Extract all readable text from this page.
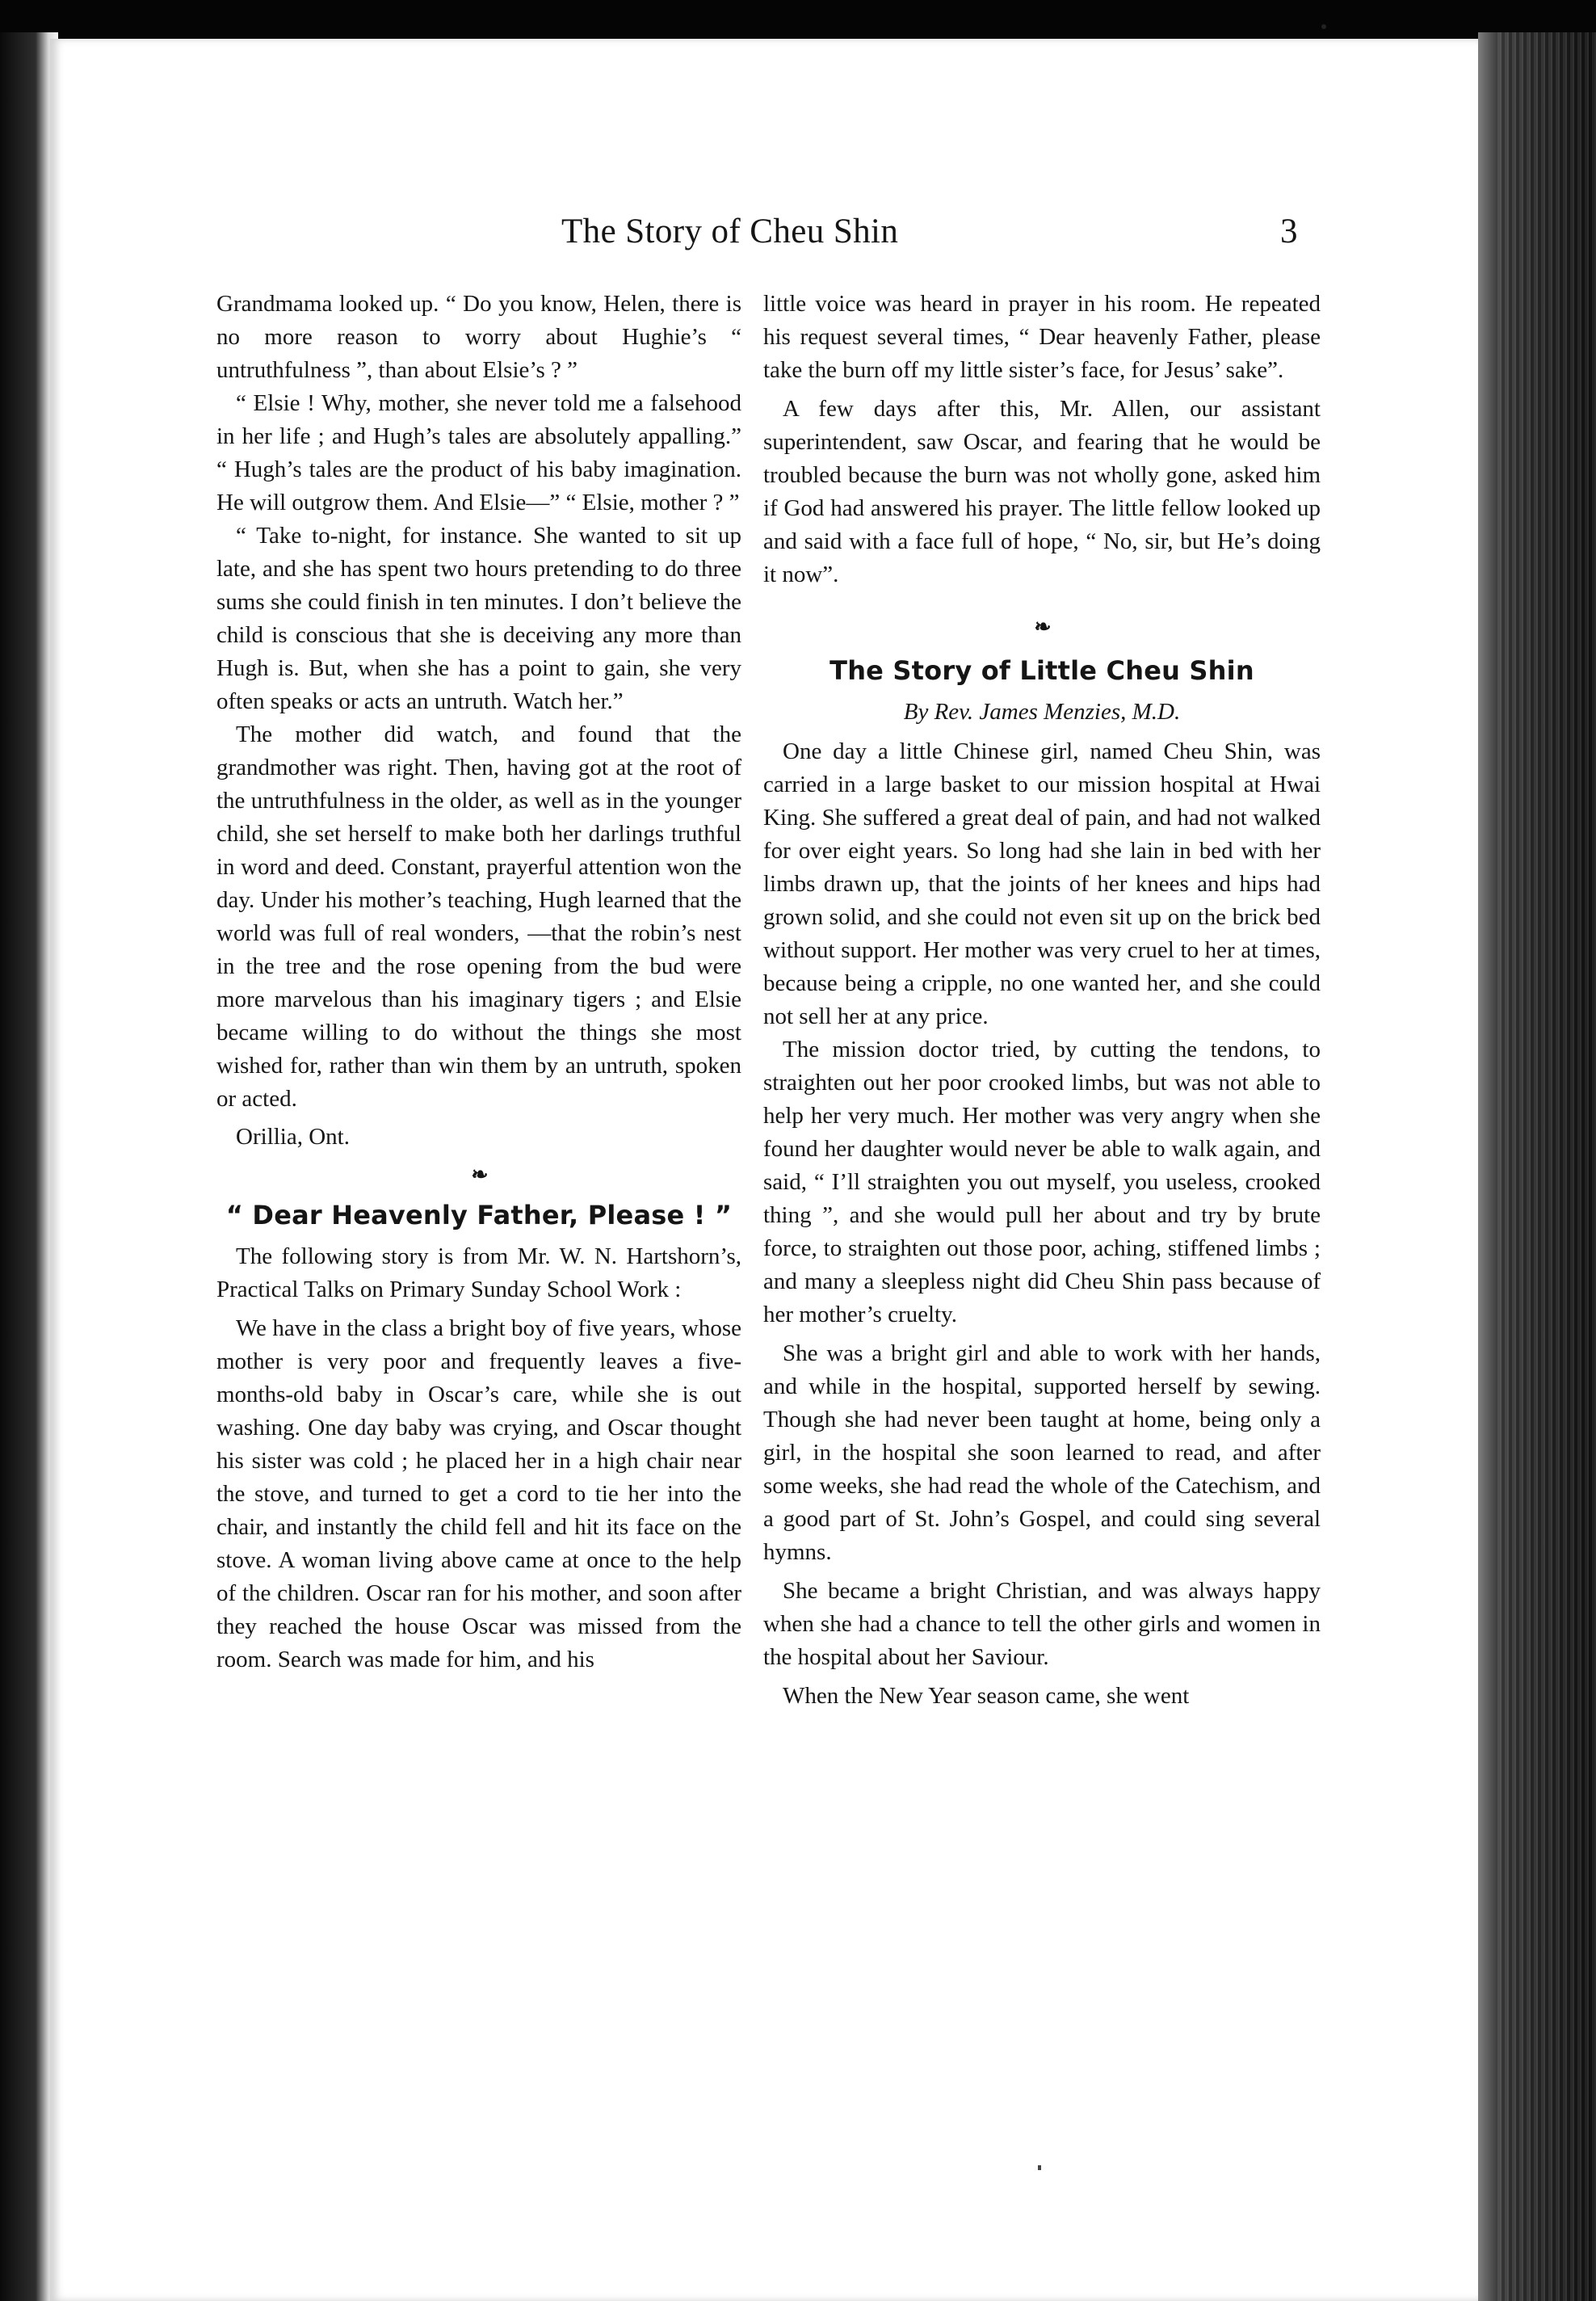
The Story of Cheu Shin	3

Grandmama looked up. “ Do you know, Helen, there is no more reason to worry about Hughie’s “ untruthfulness ”, than about Elsie’s ? ”

“ Elsie ! Why, mother, she never told me a falsehood in her life ; and Hugh’s tales are absolutely appalling.” “ Hugh’s tales are the product of his baby imagination. He will outgrow them. And Elsie—” “ Elsie, mother ? ”

“ Take to-night, for instance. She wanted to sit up late, and she has spent two hours pretending to do three sums she could finish in ten minutes. I don’t believe the child is conscious that she is deceiving any more than Hugh is. But, when she has a point to gain, she very often speaks or acts an untruth. Watch her.”

The mother did watch, and found that the grandmother was right. Then, having got at the root of the untruthfulness in the older, as well as in the younger child, she set herself to make both her darlings truthful in word and deed. Constant, prayerful attention won the day. Under his mother’s teaching, Hugh learned that the world was full of real wonders, —that the robin’s nest in the tree and the rose opening from the bud were more marvelous than his imaginary tigers ; and Elsie became willing to do without the things she most wished for, rather than win them by an untruth, spoken or acted.

Orillia, Ont.

❧
“ Dear Heavenly Father, Please ! ”

The following story is from Mr. W. N. Hartshorn’s, Practical Talks on Primary Sunday School Work :

We have in the class a bright boy of five years, whose mother is very poor and frequently leaves a five-months-old baby in Oscar’s care, while she is out washing. One day baby was crying, and Oscar thought his sister was cold ; he placed her in a high chair near the stove, and turned to get a cord to tie her into the chair, and instantly the child fell and hit its face on the stove. A woman living above came at once to the help of the children. Oscar ran for his mother, and soon after they reached the house Oscar was missed from the room. Search was made for him, and his

little voice was heard in prayer in his room. He repeated his request several times, “ Dear heavenly Father, please take the burn off my little sister’s face, for Jesus’ sake”.

A few days after this, Mr. Allen, our assistant superintendent, saw Oscar, and fearing that he would be troubled because the burn was not wholly gone, asked him if God had answered his prayer. The little fellow looked up and said with a face full of hope, “ No, sir, but He’s doing it now”.

❧
The Story of Little Cheu Shin
By Rev. James Menzies, M.D.

One day a little Chinese girl, named Cheu Shin, was carried in a large basket to our mission hospital at Hwai King. She suffered a great deal of pain, and had not walked for over eight years. So long had she lain in bed with her limbs drawn up, that the joints of her knees and hips had grown solid, and she could not even sit up on the brick bed without support. Her mother was very cruel to her at times, because being a cripple, no one wanted her, and she could not sell her at any price.

The mission doctor tried, by cutting the tendons, to straighten out her poor crooked limbs, but was not able to help her very much. Her mother was very angry when she found her daughter would never be able to walk again, and said, “ I’ll straighten you out myself, you useless, crooked thing ”, and she would pull her about and try by brute force, to straighten out those poor, aching, stiffened limbs ; and many a sleepless night did Cheu Shin pass because of her mother’s cruelty.

She was a bright girl and able to work with her hands, and while in the hospital, supported herself by sewing. Though she had never been taught at home, being only a girl, in the hospital she soon learned to read, and after some weeks, she had read the whole of the Catechism, and a good part of St. John’s Gospel, and could sing several hymns.

She became a bright Christian, and was always happy when she had a chance to tell the other girls and women in the hospital about her Saviour.

When the New Year season came, she went
